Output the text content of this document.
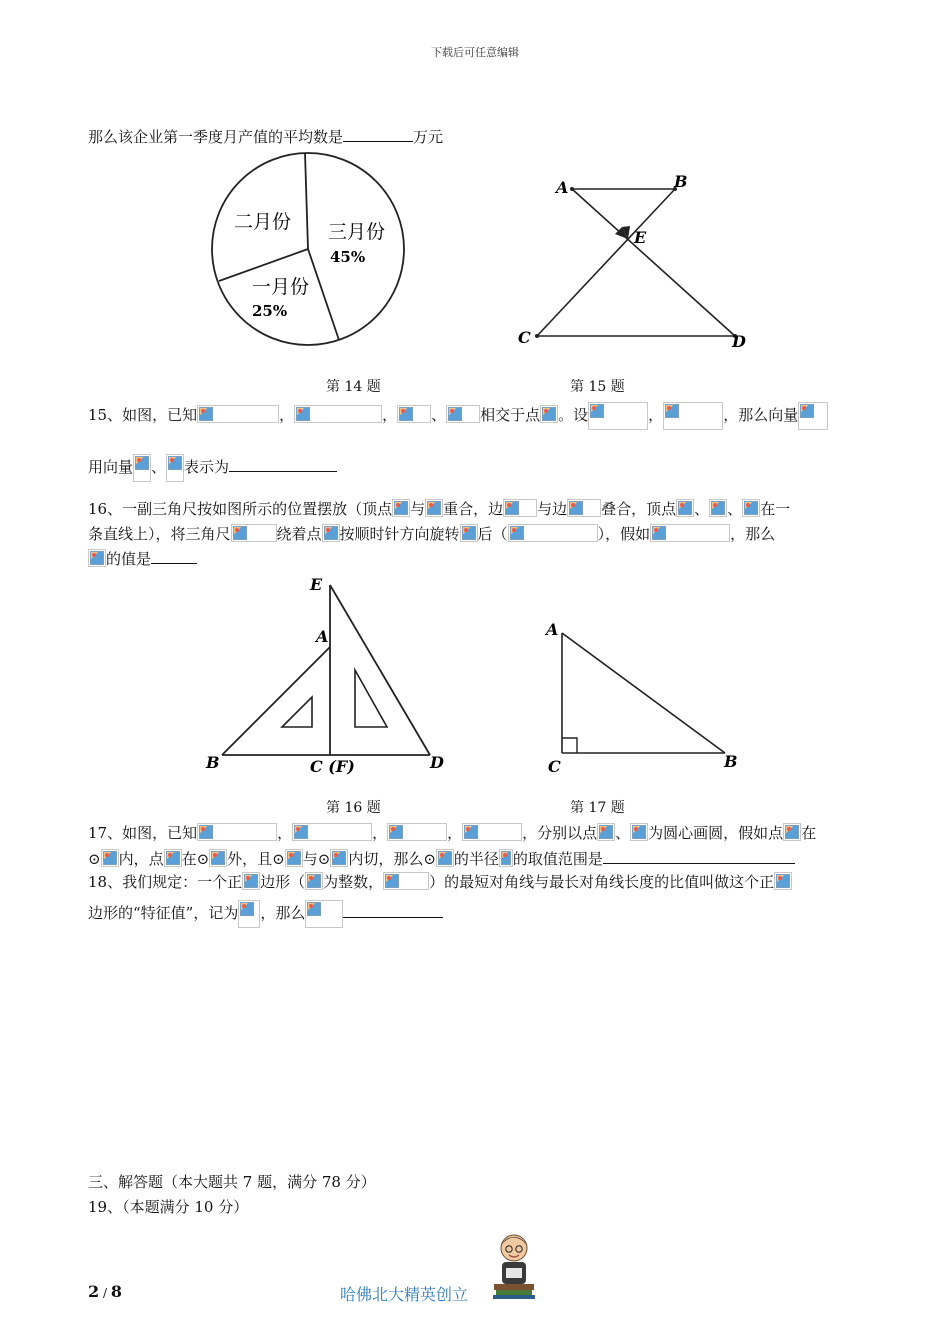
下载后可任意编辑
那么该企业第一季度月产值的平均数是	万元
二月份 三月份
45%
一月份
25%
A	B
E
C	D
第 14 题	第 15 题
15、如图，已知	，	， 、 相交于点 。设	，	，那么向量
用向量 、 表示为
16、一副三角尺按如图所示的位置摆放（顶点 与 重合，边 与边 叠合，顶点 、 、 在一
条直线上），将三角尺	绕着点 按顺时针方向旋转 后（	），假如	，那么
的值是
E
A
B	C (F)	D
A
C	B
第 16 题	第 17 题
17、如图，已知	，	，	，	，分别以点 、 为圆心画圆，假如点 在
⊙ 内，点 在⊙ 外，且⊙ 与⊙ 内切，那么⊙ 的半径 的取值范围是
18、我们规定：一个正 边形（ 为整数，	）的最短对角线与最长对角线长度的比值叫做这个正
边形的“特征值”，记为 ，那么
三、解答题（本大题共 7 题，满分 78 分）
19、（本题满分 10 分）
2 / 8	哈佛北大精英创立
